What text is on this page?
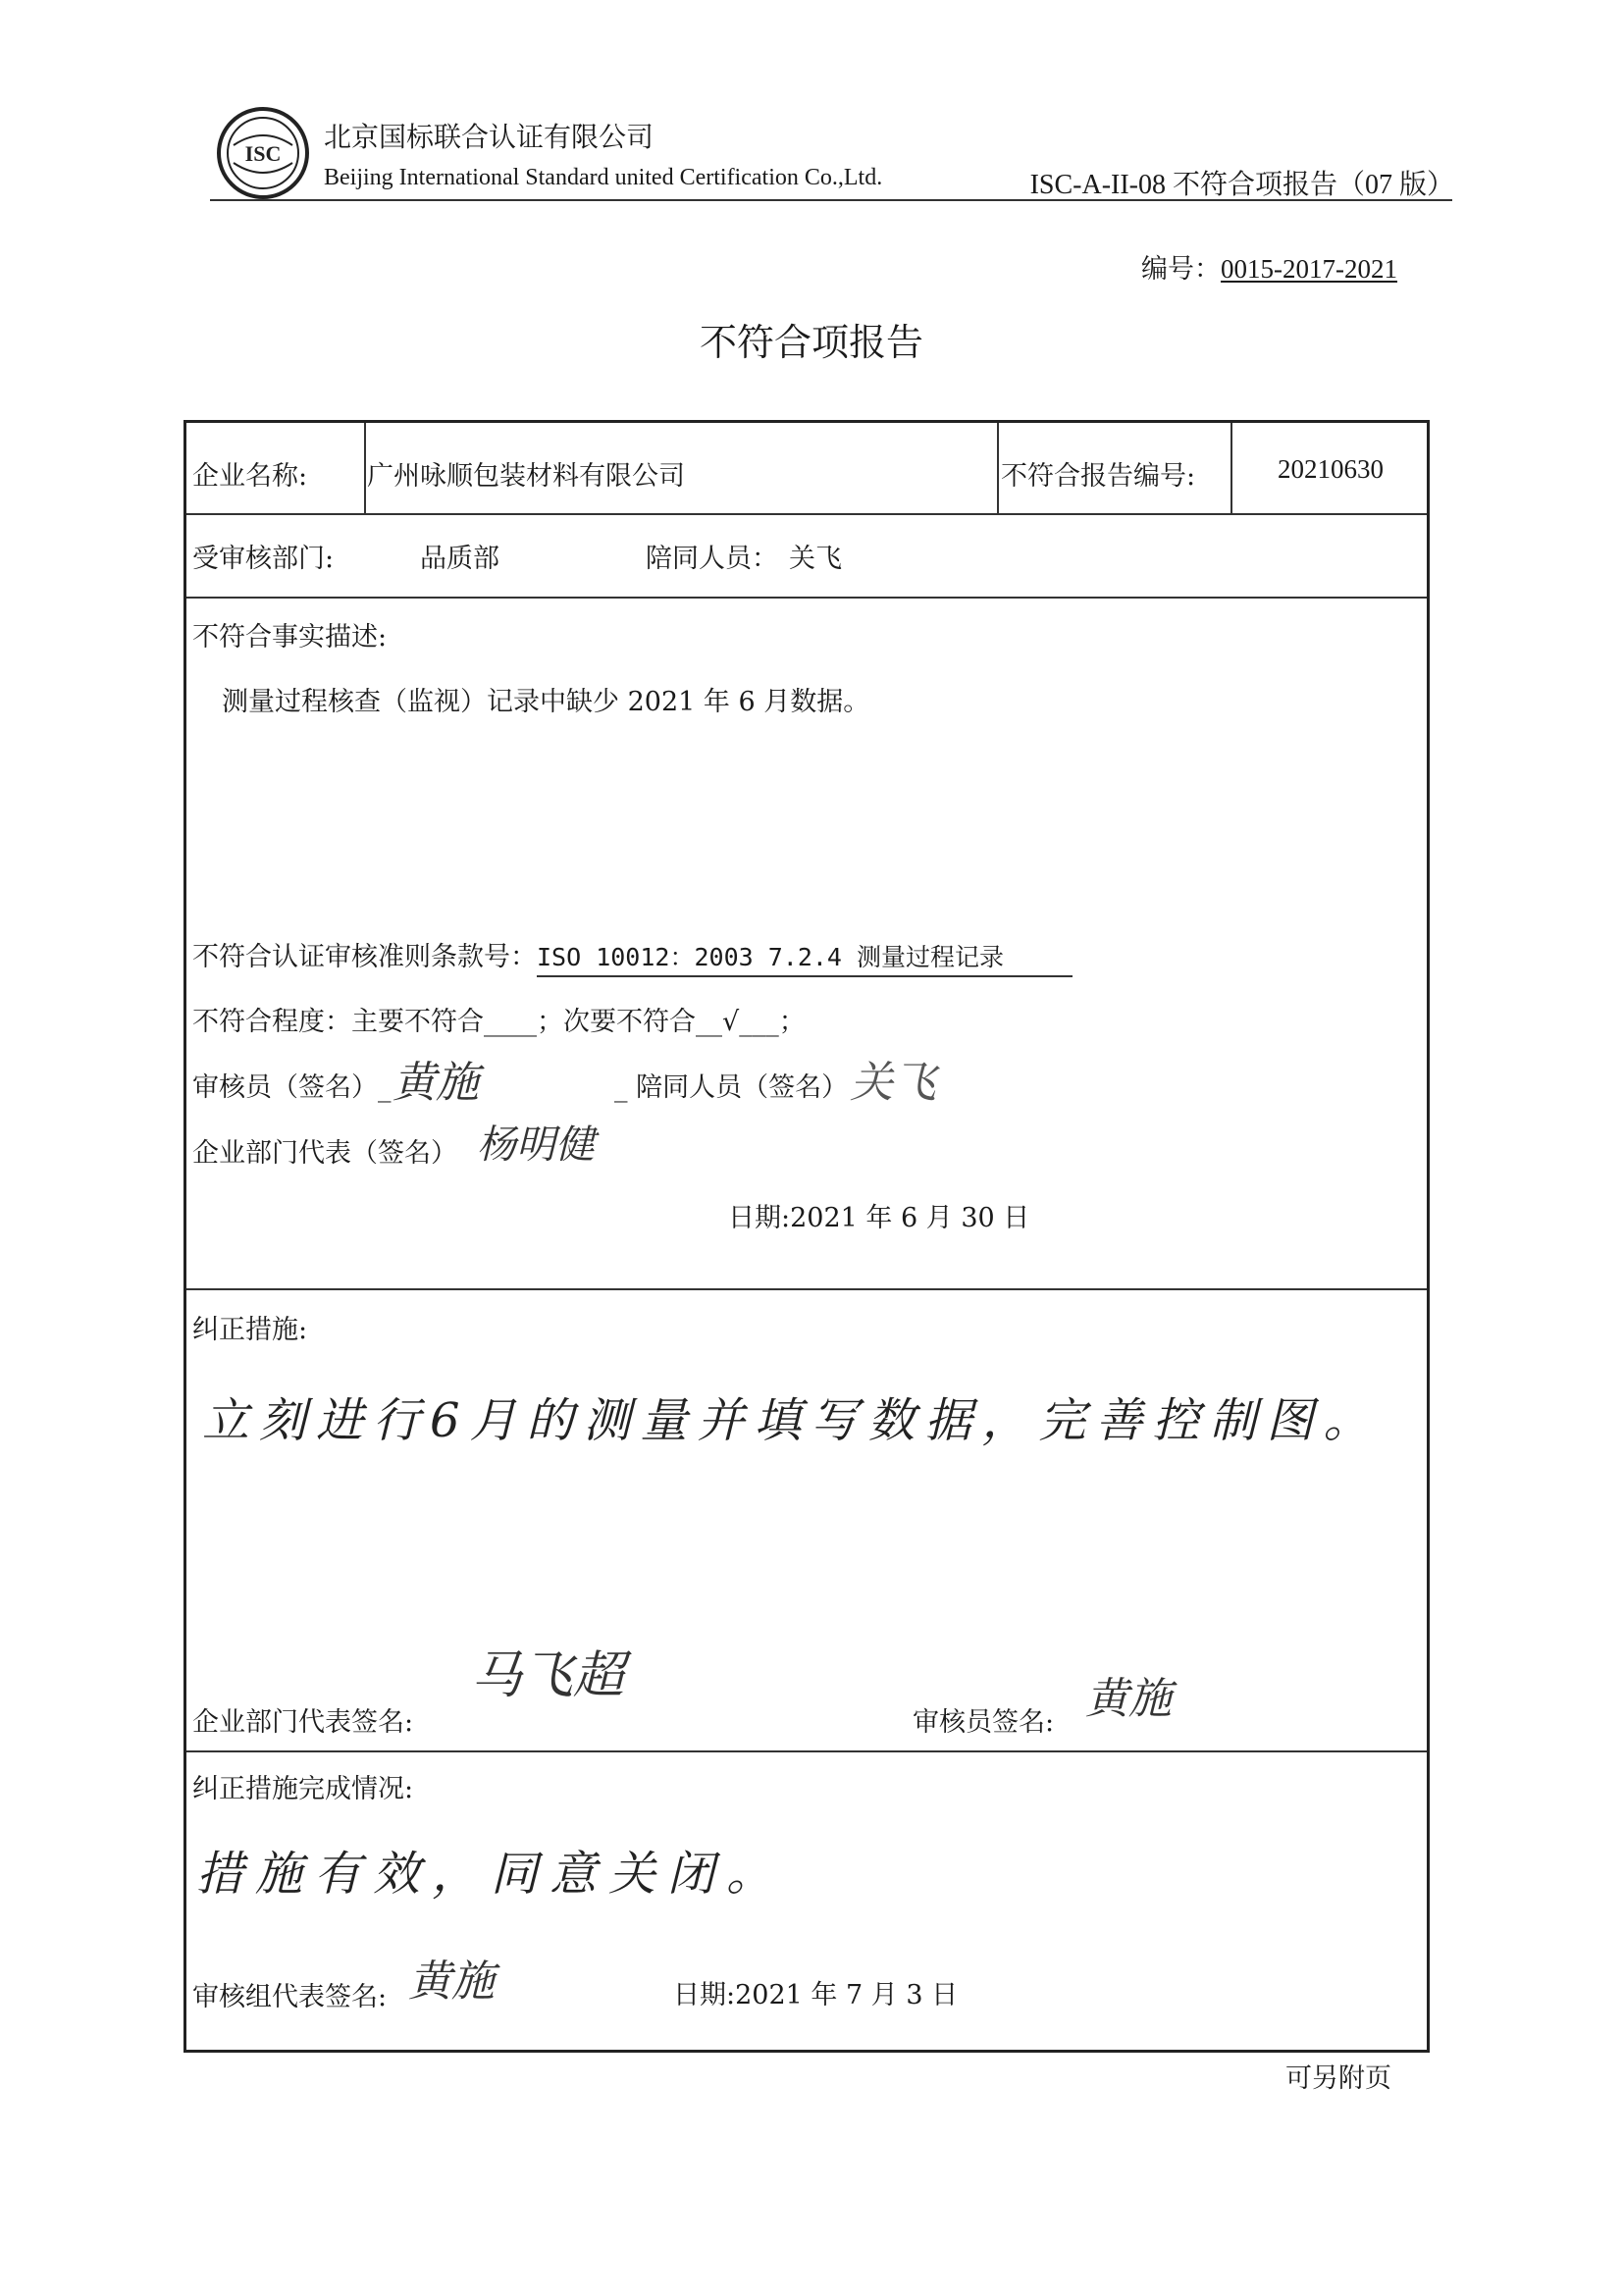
ISC
北京国标联合认证有限公司
Beijing International Standard united Certification Co.,Ltd.	ISC-A-II-08 不符合项报告（07 版）
编号：0015-2017-2021
不符合项报告
企业名称: 广州咏顺包装材料有限公司	不符合报告编号:	20210630
受审核部门:	品质部	陪同人员： 关飞
不符合事实描述:
测量过程核查（监视）记录中缺少 2021 年 6 月数据。
不符合认证审核准则条款号：ISO 10012：2003 7.2.4 测量过程记录
不符合程度：主要不符合____；次要不符合__√___；
审核员（签名）_ 黄施	_ 陪同人员（签名） 关飞
企业部门代表（签名） 杨明健
日期:2021 年 6 月 30 日
纠正措施:
立刻进行6月的测量并填写数据，完善控制图。
企业部门代表签名:
马飞超
审核员签名: 黄施
纠正措施完成情况:
措施有效，同意关闭。
审核组代表签名: 黄施	日期:2021 年 7 月 3 日
可另附页
